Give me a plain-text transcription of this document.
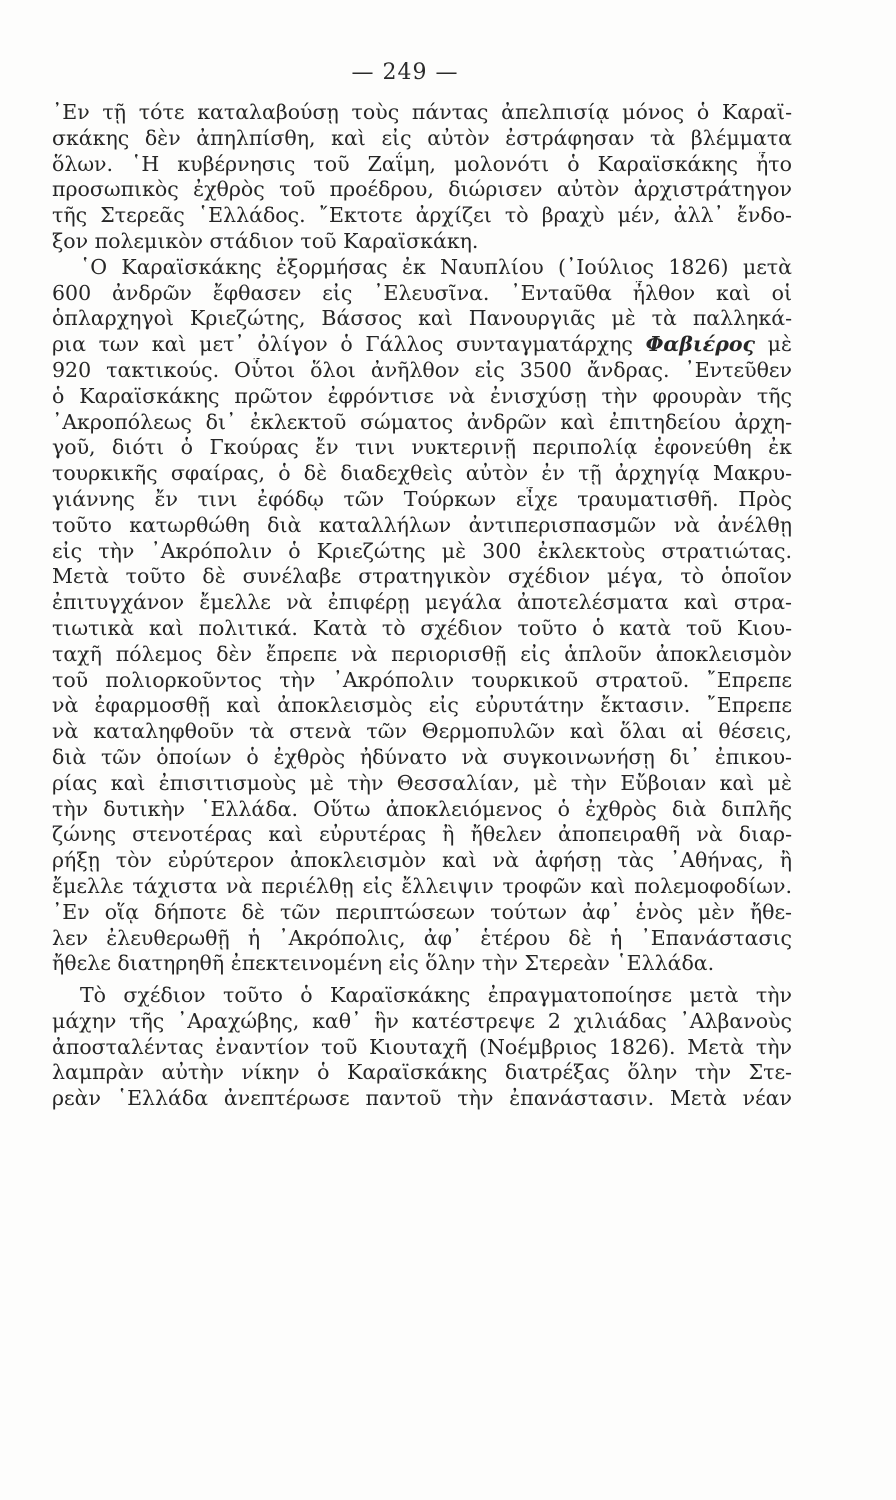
— 249 —
᾿Εν τῇ τότε καταλαβούσῃ τοὺς πάντας ἀπελπισίᾳ μόνος ὁ Καραϊ-
σκάκης δὲν ἀπηλπίσθη, καὶ εἰς αὐτὸν ἐστράφησαν τὰ βλέμματα
ὅλων. ῾Η κυβέρνησις τοῦ Ζαΐμη, μολονότι ὁ Καραϊσκάκης ἦτο
προσωπικὸς ἐχθρὸς τοῦ προέδρου, διώρισεν αὐτὸν ἀρχιστράτηγον
τῆς Στερεᾶς ῾Ελλάδος. ῎Εκτοτε ἀρχίζει τὸ βραχὺ μέν, ἀλλ᾿ ἔνδο-
ξον πολεμικὸν στάδιον τοῦ Καραϊσκάκη.
῾Ο Καραϊσκάκης ἐξορμήσας ἐκ Ναυπλίου (᾿Ιούλιος 1826) μετὰ
600 ἀνδρῶν ἔφθασεν εἰς ᾿Ελευσῖνα. ᾿Ενταῦθα ἦλθον καὶ οἱ
ὁπλαρχηγοὶ Κριεζώτης, Βάσσος καὶ Πανουργιᾶς μὲ τὰ παλληκά-
ρια των καὶ μετ᾿ ὀλίγον ὁ Γάλλος συνταγματάρχης Φαβιέρος μὲ
920 τακτικούς. Οὗτοι ὅλοι ἀνῆλθον εἰς 3500 ἄνδρας. ᾿Εντεῦθεν
ὁ Καραϊσκάκης πρῶτον ἐφρόντισε νὰ ἐνισχύσῃ τὴν φρουρὰν τῆς
᾿Ακροπόλεως δι᾿ ἐκλεκτοῦ σώματος ἀνδρῶν καὶ ἐπιτηδείου ἀρχη-
γοῦ, διότι ὁ Γκούρας ἔν τινι νυκτερινῇ περιπολίᾳ ἐφονεύθη ἐκ
τουρκικῆς σφαίρας, ὁ δὲ διαδεχθεὶς αὐτὸν ἐν τῇ ἀρχηγίᾳ Μακρυ-
γιάννης ἔν τινι ἐφόδῳ τῶν Τούρκων εἶχε τραυματισθῆ. Πρὸς
τοῦτο κατωρθώθη διὰ καταλλήλων ἀντιπερισπασμῶν νὰ ἀνέλθῃ
εἰς τὴν ᾿Ακρόπολιν ὁ Κριεζώτης μὲ 300 ἐκλεκτοὺς στρατιώτας.
Μετὰ τοῦτο δὲ συνέλαβε στρατηγικὸν σχέδιον μέγα, τὸ ὁποῖον
ἐπιτυγχάνον ἔμελλε νὰ ἐπιφέρῃ μεγάλα ἀποτελέσματα καὶ στρα-
τιωτικὰ καὶ πολιτικά. Κατὰ τὸ σχέδιον τοῦτο ὁ κατὰ τοῦ Κιου-
ταχῆ πόλεμος δὲν ἔπρεπε νὰ περιορισθῇ εἰς ἁπλοῦν ἀποκλεισμὸν
τοῦ πολιορκοῦντος τὴν ᾿Ακρόπολιν τουρκικοῦ στρατοῦ. ῎Επρεπε
νὰ ἐφαρμοσθῇ καὶ ἀποκλεισμὸς εἰς εὐρυτάτην ἔκτασιν. ῎Επρεπε
νὰ καταληφθοῦν τὰ στενὰ τῶν Θερμοπυλῶν καὶ ὅλαι αἱ θέσεις,
διὰ τῶν ὁποίων ὁ ἐχθρὸς ἠδύνατο νὰ συγκοινωνήσῃ δι᾿ ἐπικου-
ρίας καὶ ἐπισιτισμοὺς μὲ τὴν Θεσσαλίαν, μὲ τὴν Εὔβοιαν καὶ μὲ
τὴν δυτικὴν ῾Ελλάδα. Οὕτω ἀποκλειόμενος ὁ ἐχθρὸς διὰ διπλῆς
ζώνης στενοτέρας καὶ εὐρυτέρας ἢ ἤθελεν ἀποπειραθῆ νὰ διαρ-
ρήξῃ τὸν εὐρύτερον ἀποκλεισμὸν καὶ νὰ ἀφήσῃ τὰς ᾿Αθήνας, ἢ
ἔμελλε τάχιστα νὰ περιέλθῃ εἰς ἔλλειψιν τροφῶν καὶ πολεμοφοδίων.
᾿Εν οἵᾳ δήποτε δὲ τῶν περιπτώσεων τούτων ἀφ᾿ ἑνὸς μὲν ἤθε-
λεν ἐλευθερωθῇ ἡ ᾿Ακρόπολις, ἀφ᾿ ἑτέρου δὲ ἡ ᾿Επανάστασις
ἤθελε διατηρηθῆ ἐπεκτεινομένη εἰς ὅλην τὴν Στερεὰν ῾Ελλάδα.
Τὸ σχέδιον τοῦτο ὁ Καραϊσκάκης ἐπραγματοποίησε μετὰ τὴν
μάχην τῆς ᾿Αραχώβης, καθ᾿ ἣν κατέστρεψε 2 χιλιάδας ᾿Αλβανοὺς
ἀποσταλέντας ἐναντίον τοῦ Κιουταχῆ (Νοέμβριος 1826). Μετὰ τὴν
λαμπρὰν αὐτὴν νίκην ὁ Καραϊσκάκης διατρέξας ὅλην τὴν Στε-
ρεὰν ῾Ελλάδα ἀνεπτέρωσε παντοῦ τὴν ἐπανάστασιν. Μετὰ νέαν
